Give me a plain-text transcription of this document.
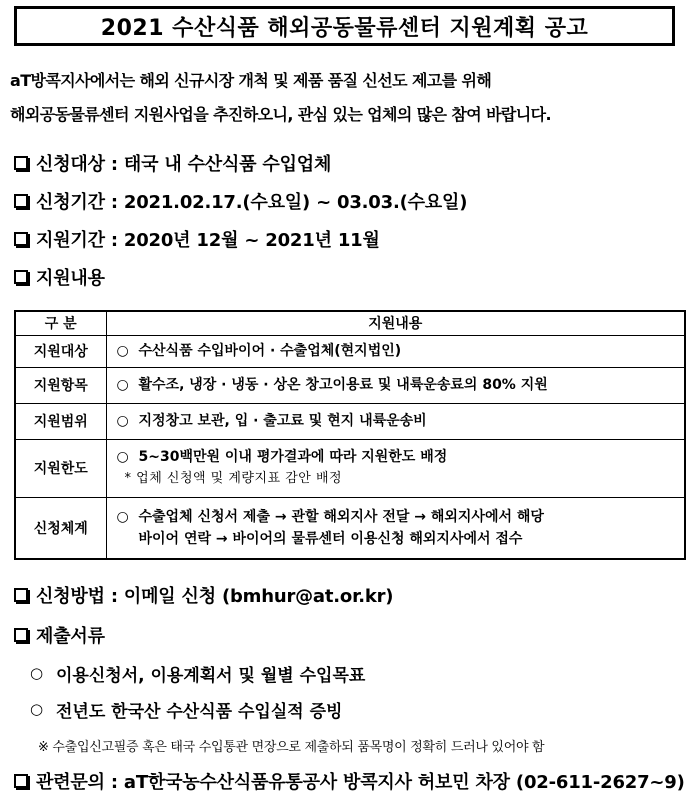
2021 수산식품 해외공동물류센터 지원계획 공고
aT방콕지사에서는 해외 신규시장 개척 및 제품 품질 신선도 제고를 위해
해외공동물류센터 지원사업을 추진하오니, 관심 있는 업체의 많은 참여 바랍니다.
신청대상 : 태국 내 수산식품 수입업체
신청기간 : 2021.02.17.(수요일) ~ 03.03.(수요일)
지원기간 : 2020년 12월 ~ 2021년 11월
지원내용
구 분	지원내용
지원대상	○ 수산식품 수입바이어 · 수출업체(현지법인)
지원항목	○ 활수조, 냉장 · 냉동 · 상온 창고이용료 및 내륙운송료의 80% 지원
지원범위	○ 지정창고 보관, 입 · 출고료 및 현지 내륙운송비
지원한도	○ 5~30백만원 이내 평가결과에 따라 지원한도 배정
* 업체 신청액 및 계량지표 감안 배정

신청체계	○ 수출업체 신청서 제출 → 관할 해외지사 전달 → 해외지사에서 해당
바이어 연락 → 바이어의 물류센터 이용신청 해외지사에서 접수
신청방법 : 이메일 신청 (bmhur@at.or.kr)
제출서류
○ 이용신청서, 이용계획서 및 월별 수입목표
○ 전년도 한국산 수산식품 수입실적 증빙
※ 수출입신고필증 혹은 태국 수입통관 면장으로 제출하되 품목명이 정확히 드러나 있어야 함
관련문의 : aT한국농수산식품유통공사 방콕지사 허보민 차장 (02-611-2627~9)
